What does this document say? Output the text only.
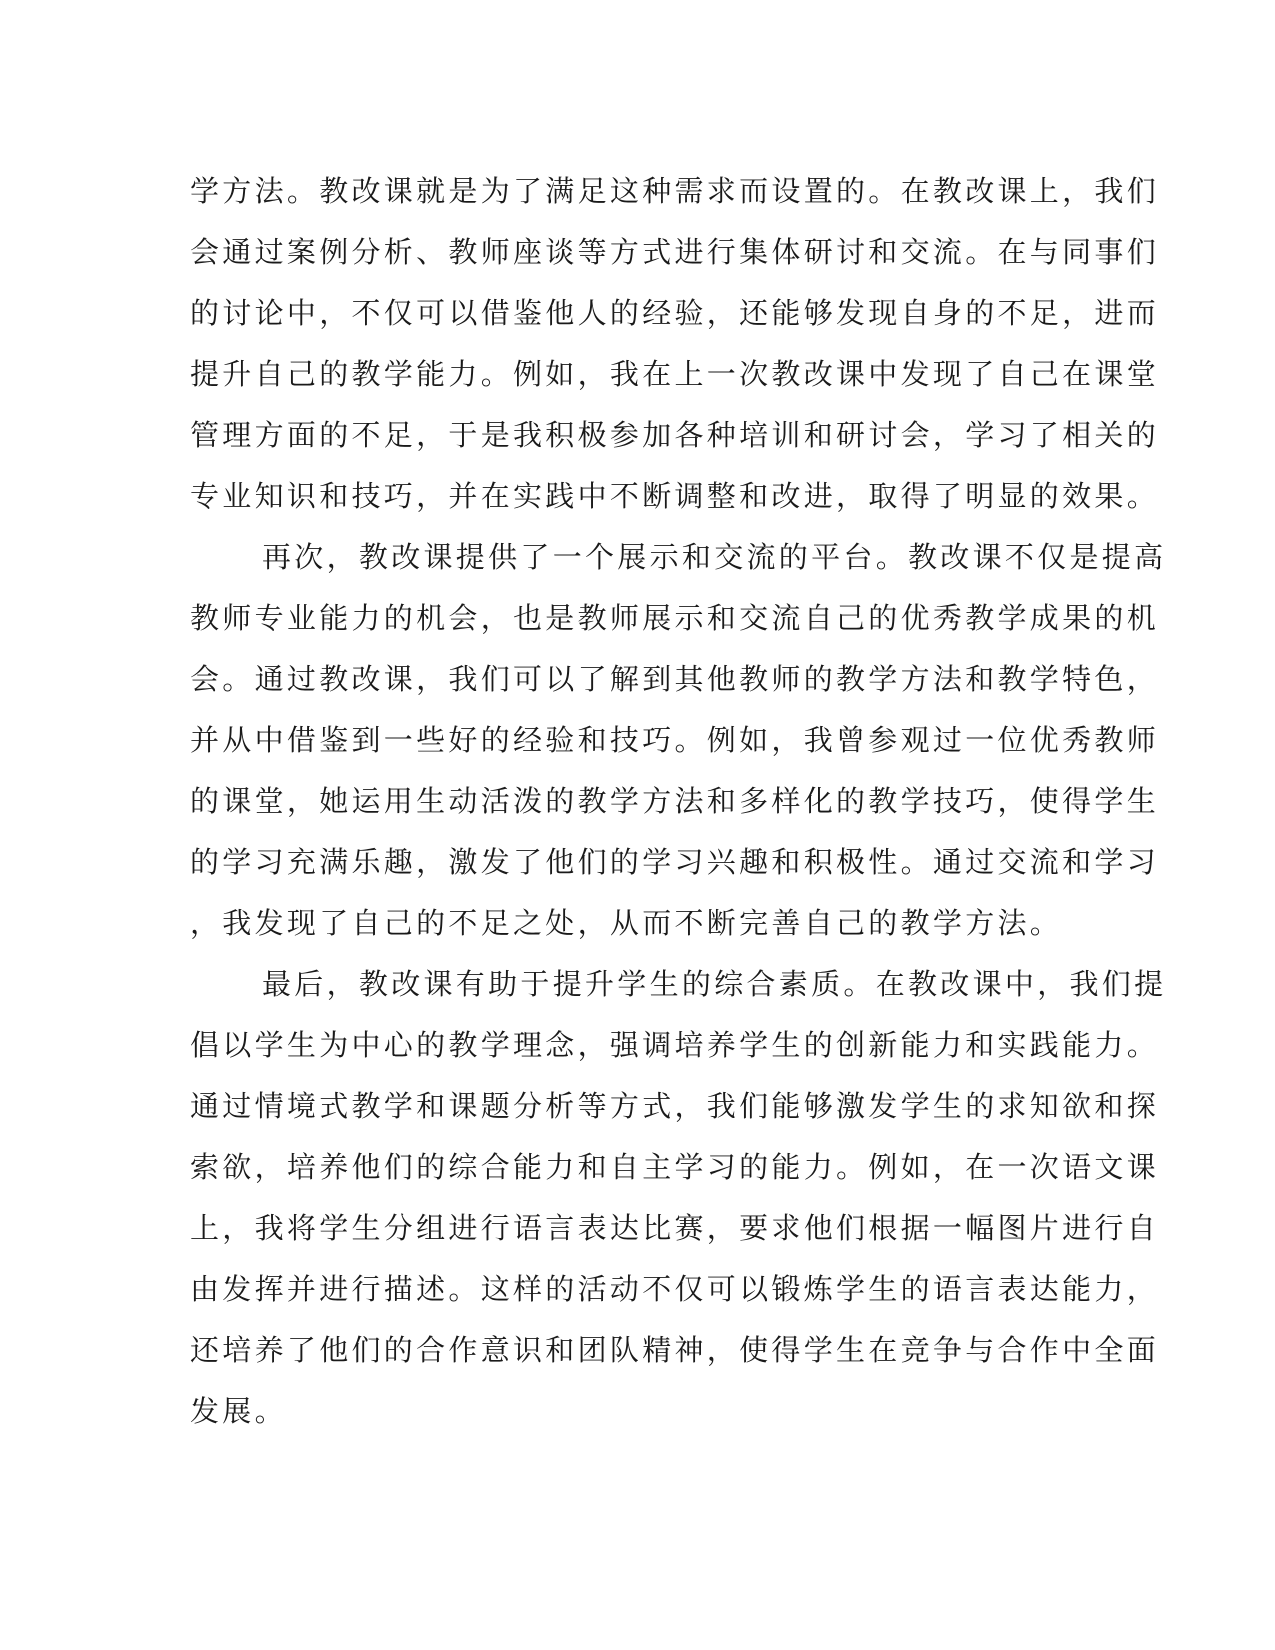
学方法。教改课就是为了满足这种需求而设置的。在教改课上，我们
会通过案例分析、教师座谈等方式进行集体研讨和交流。在与同事们
的讨论中，不仅可以借鉴他人的经验，还能够发现自身的不足，进而
提升自己的教学能力。例如，我在上一次教改课中发现了自己在课堂
管理方面的不足，于是我积极参加各种培训和研讨会，学习了相关的
专业知识和技巧，并在实践中不断调整和改进，取得了明显的效果。
再次，教改课提供了一个展示和交流的平台。教改课不仅是提高
教师专业能力的机会，也是教师展示和交流自己的优秀教学成果的机
会。通过教改课，我们可以了解到其他教师的教学方法和教学特色，
并从中借鉴到一些好的经验和技巧。例如，我曾参观过一位优秀教师
的课堂，她运用生动活泼的教学方法和多样化的教学技巧，使得学生
的学习充满乐趣，激发了他们的学习兴趣和积极性。通过交流和学习
，我发现了自己的不足之处，从而不断完善自己的教学方法。
最后，教改课有助于提升学生的综合素质。在教改课中，我们提
倡以学生为中心的教学理念，强调培养学生的创新能力和实践能力。
通过情境式教学和课题分析等方式，我们能够激发学生的求知欲和探
索欲，培养他们的综合能力和自主学习的能力。例如，在一次语文课
上，我将学生分组进行语言表达比赛，要求他们根据一幅图片进行自
由发挥并进行描述。这样的活动不仅可以锻炼学生的语言表达能力，
还培养了他们的合作意识和团队精神，使得学生在竞争与合作中全面
发展。
